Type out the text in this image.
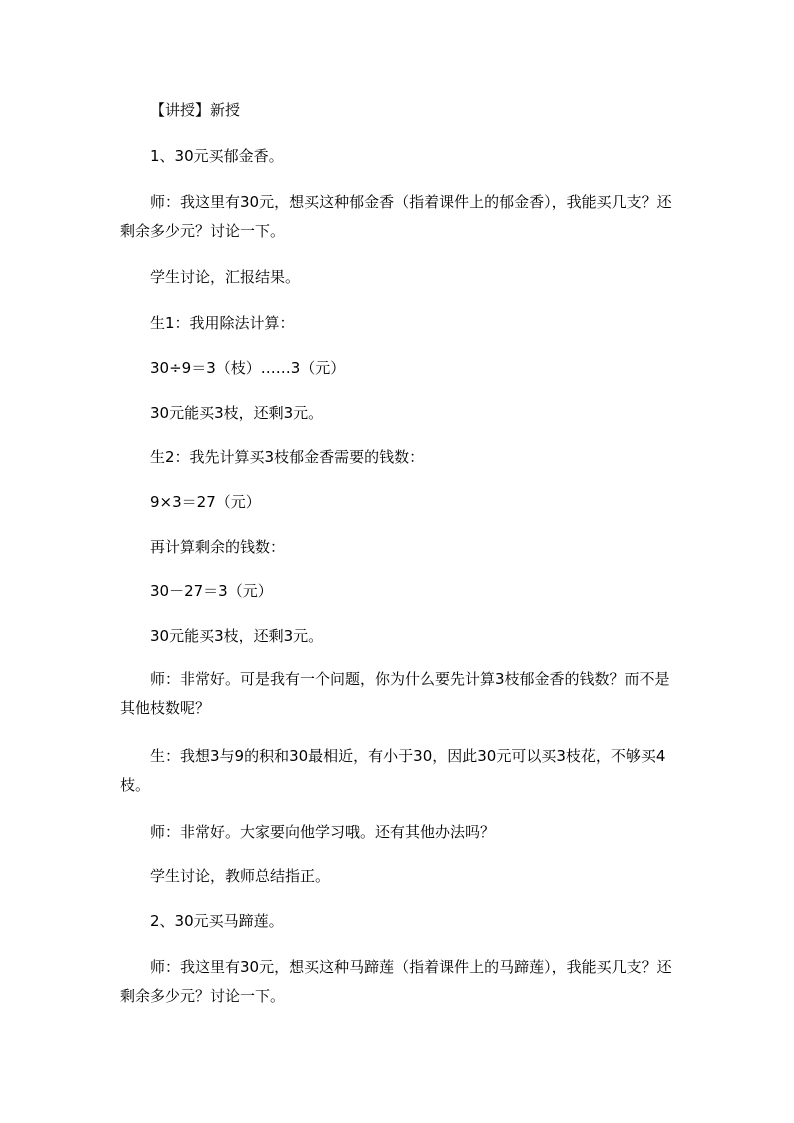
【讲授】新授

1、30元买郁金香。

师：我这里有30元，想买这种郁金香（指着课件上的郁金香），我能买几支？还剩余多少元？讨论一下。

学生讨论，汇报结果。

生1：我用除法计算：

30÷9＝3（枝）……3（元）

30元能买3枝，还剩3元。

生2：我先计算买3枝郁金香需要的钱数：

9×3＝27（元）

再计算剩余的钱数：

30－27＝3（元）

30元能买3枝，还剩3元。

师：非常好。可是我有一个问题，你为什么要先计算3枝郁金香的钱数？而不是其他枝数呢？

生：我想3与9的积和30最相近，有小于30，因此30元可以买3枝花，不够买4枝。

师：非常好。大家要向他学习哦。还有其他办法吗？

学生讨论，教师总结指正。

2、30元买马蹄莲。

师：我这里有30元，想买这种马蹄莲（指着课件上的马蹄莲），我能买几支？还剩余多少元？讨论一下。
